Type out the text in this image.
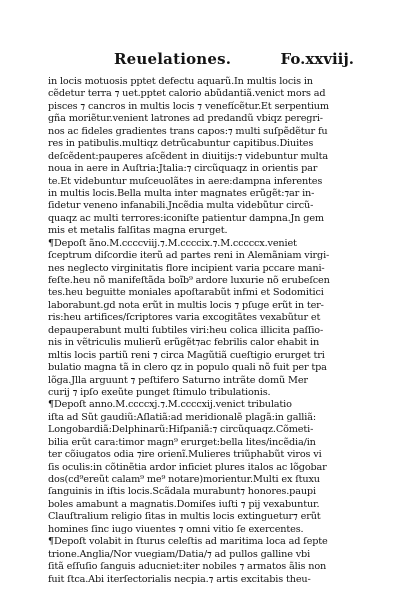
Reuelationes.	Fo.xxviij.
in locis motuosis pptet defectu aquarũ.In multis locis in
cẽdetur terra ⁊ uet.pptet calorio abũdantiã.venict mors ad
pisces ⁊ cancros in multis locis ⁊ venefícẽtur.Et serpentium
gña moriẽtur.venient latrones ad predandũ vbiqz peregri-
nos ac fideles gradientes trans capos:⁊ multi suſpẽdẽtur fu
res in patibulis.multiqz detrũcabuntur capitibus.Diuites
deſcẽdent:pauperes aſcẽdent in diuitijs:⁊ videbuntur multa
noua in aere in Auſtria:Jtalia:⁊ circũquaqz in orientis par
te.Et videbuntur muſceuolãtes in aere:dampna inferentes
in multis locis.Bella multa inter magnates erũgẽt:⁊ar in-
ſidetur veneno infanabili.Jncẽdia multa videbũtur circũ-
quaqz ac multi terrores:iconiſte patientur dampna.Jn gem
mis et metalis falſitas magna erurget.
¶Depoſt ãno.M.ccccviij.⁊.M.ccccix.⁊.M.cccccx.veniet
ſceptrum diſcordie iterũ ad partes reni in Alemãniam virgi-
nes neglecto virginitatis flore incipient varia pccare mani-
feſte.heu nõ manifeſtãda boĩb⁹ ardore luxurie nõ erubeſcen
tes.heu beguitte moniales apoſtarabũt infmi et Sodomitici
laborabunt.gd nota erũt in multis locis ⁊ pſuge erũt in ter-
ris:heu artifices/ſcriptores varia excogitãtes vexabũtur et
depauperabunt multi ſubtiles viri:heu colica illicita paſſio-
nis in vẽtriculis mulierũ erũgẽt⁊ac febrilis calor ehabit in
mltis locis partiũ reni ⁊ circa Magũtiã cueſtigio erurget tri
bulatio magna tã in clero qz in populo quali nõ fuit per tpa
lõga.Jlla arguunt ⁊ peſtifero Saturno intrãte domũ Mer
curij ⁊ ipſo exeũte punget ſtimulo tribulationis.
¶Depoſt anno.M.ccccxj.⁊.M.ccccxij.venict tribulatio
iſta ad Sũt gaudiũ:Aſlatiã:ad meridionalẽ plagã:in galliã:
Longobardiã:Delphinarũ:Hiſpaniã:⁊ circũquaqz.Cõmeti-
bilia erũt cara:timor magn⁹ erurget:bella lites/incẽdia/in
ter cõiugatos odia ⁊ire orienĩ.Mulieres triũphabũt viros vi
ſis oculis:in cõtinẽtia ardor inficiet plures italos ac lõgobar
dos(cd⁹ereũt calam⁹ me⁹ notare)morientur.Multi ex ſtuxu
ſanguinis in iſtis locis.Scãdala murabunt⁊ honores.paupi
boles amabunt a magnatis.Domiſes iuſti ⁊ pij vexabuntur.
Clauſtralium religio ſitas in multis locis extinguetur⁊ erũt
homines ſinc iugo viuentes ⁊ omni vitio ſe exercentes.
¶Depoſt volabit in ſturus celeſtis ad maritima loca ad ſepte
trione.Anglia/Nor vuegiam/Datia/⁊ ad pullos galline vbi
ſitã eſſuſio ſanguis aducniet:iter nobiles ⁊ armatos ãlis non
fuit ſtca.Abi iterſectorialis necpia.⁊ artis excitabis theu-
